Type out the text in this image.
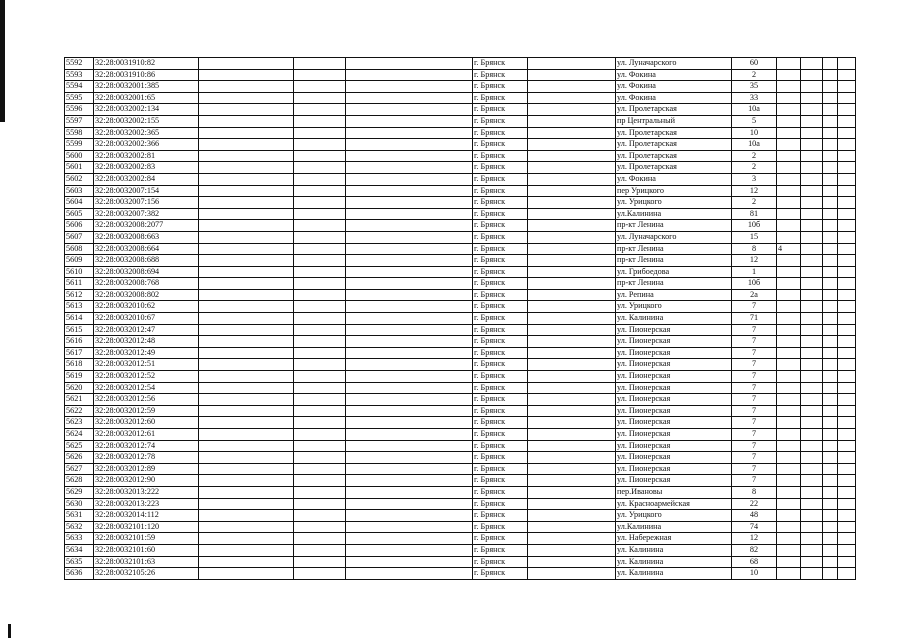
5592	32:28:0031910:82				г. Брянск		ул. Луначарского	60				
5593	32:28:0031910:86				г. Брянск		ул. Фокина	2				
5594	32:28:0032001:385				г. Брянск		ул. Фокина	35				
5595	32:28:0032001:65				г. Брянск		ул. Фокина	33				
5596	32:28:0032002:134				г. Брянск		ул. Пролетарская	10а				
5597	32:28:0032002:155				г. Брянск		пр Центральный	5				
5598	32:28:0032002:365				г. Брянск		ул. Пролетарская	10				
5599	32:28:0032002:366				г. Брянск		ул. Пролетарская	10а				
5600	32:28:0032002:81				г. Брянск		ул. Пролетарская	2				
5601	32:28:0032002:83				г. Брянск		ул. Пролетарская	2				
5602	32:28:0032002:84				г. Брянск		ул. Фокина	3				
5603	32:28:0032007:154				г. Брянск		пер Урицкого	12				
5604	32:28:0032007:156				г. Брянск		ул. Урицкого	2				
5605	32:28:0032007:382				г. Брянск		ул.Калинина	81				
5606	32:28:0032008:2077				г. Брянск		пр-кт Ленина	10б				
5607	32:28:0032008:663				г. Брянск		ул. Луначарского	15				
5608	32:28:0032008:664				г. Брянск		пр-кт Ленина	8	4			
5609	32:28:0032008:688				г. Брянск		пр-кт Ленина	12				
5610	32:28:0032008:694				г. Брянск		ул. Грибоедова	1				
5611	32:28:0032008:768				г. Брянск		пр-кт Ленина	10б				
5612	32:28:0032008:802				г. Брянск		ул. Репина	2а				
5613	32:28:0032010:62				г. Брянск		ул. Урицкого	7				
5614	32:28:0032010:67				г. Брянск		ул. Калинина	71				
5615	32:28:0032012:47				г. Брянск		ул. Пионерская	7				
5616	32:28:0032012:48				г. Брянск		ул. Пионерская	7				
5617	32:28:0032012:49				г. Брянск		ул. Пионерская	7				
5618	32:28:0032012:51				г. Брянск		ул. Пионерская	7				
5619	32:28:0032012:52				г. Брянск		ул. Пионерская	7				
5620	32:28:0032012:54				г. Брянск		ул. Пионерская	7				
5621	32:28:0032012:56				г. Брянск		ул. Пионерская	7				
5622	32:28:0032012:59				г. Брянск		ул. Пионерская	7				
5623	32:28:0032012:60				г. Брянск		ул. Пионерская	7				
5624	32:28:0032012:61				г. Брянск		ул. Пионерская	7				
5625	32:28:0032012:74				г. Брянск		ул. Пионерская	7				
5626	32:28:0032012:78				г. Брянск		ул. Пионерская	7				
5627	32:28:0032012:89				г. Брянск		ул. Пионерская	7				
5628	32:28:0032012:90				г. Брянск		ул. Пионерская	7				
5629	32:28:0032013:222				г. Брянск		пер.Ивановы	8				
5630	32:28:0032013:223				г. Брянск		ул. Красноармейская	22				
5631	32:28:0032014:112				г. Брянск		ул. Урицкого	48				
5632	32:28:0032101:120				г. Брянск		ул.Калинина	74				
5633	32:28:0032101:59				г. Брянск		ул. Набережная	12				
5634	32:28:0032101:60				г. Брянск		ул. Калинина	82				
5635	32:28:0032101:63				г. Брянск		ул. Калинина	68				
5636	32:28:0032105:26				г. Брянск		ул. Калинина	10				
